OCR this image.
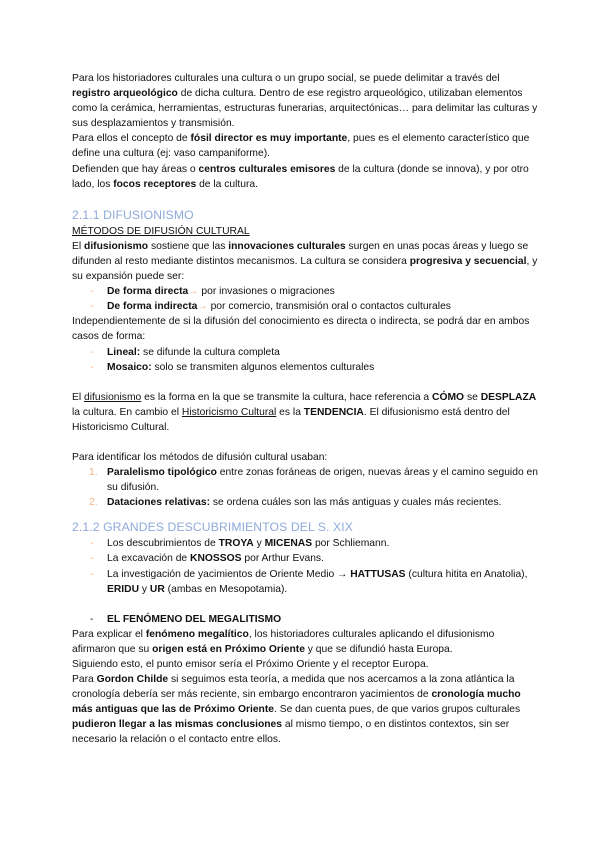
Para los historiadores culturales una cultura o un grupo social, se puede delimitar a través del registro arqueológico de dicha cultura. Dentro de ese registro arqueológico, utilizaban elementos como la cerámica, herramientas, estructuras funerarias, arquitectónicas… para delimitar las culturas y sus desplazamientos y transmisión.

Para ellos el concepto de fósil director es muy importante, pues es el elemento característico que define una cultura (ej: vaso campaniforme).

Defienden que hay áreas o centros culturales emisores de la cultura (donde se innova), y por otro lado, los focos receptores de la cultura.

2.1.1 DIFUSIONISMO

MÉTODOS DE DIFUSIÓN CULTURAL

El difusionismo sostiene que las innovaciones culturales surgen en unas pocas áreas y luego se difunden al resto mediante distintos mecanismos. La cultura se considera progresiva y secuencial, y su expansión puede ser:

- De forma directa→ por invasiones o migraciones
- De forma indirecta→ por comercio, transmisión oral o contactos culturales

Independientemente de si la difusión del conocimiento es directa o indirecta, se podrá dar en ambos casos de forma:

- Lineal: se difunde la cultura completa
- Mosaico: solo se transmiten algunos elementos culturales

El difusionismo es la forma en la que se transmite la cultura, hace referencia a CÓMO se DESPLAZA la cultura. En cambio el Historicismo Cultural es la TENDENCIA. El difusionismo está dentro del Historicismo Cultural.

Para identificar los métodos de difusión cultural usaban:

1. Paralelismo tipológico entre zonas foráneas de origen, nuevas áreas y el camino seguido en su difusión.
2. Dataciones relativas: se ordena cuáles son las más antiguas y cuales más recientes.
2.1.2 GRANDES DESCUBRIMIENTOS DEL S. XIX
- Los descubrimientos de TROYA y MICENAS por Schliemann.
- La excavación de KNOSSOS por Arthur Evans.
- La investigación de yacimientos de Oriente Medio → HATTUSAS (cultura hitita en Anatolia), ERIDU y UR (ambas en Mesopotamia).

- EL FENÓMENO DEL MEGALITISMO

Para explicar el fenómeno megalítico, los historiadores culturales aplicando el difusionismo afirmaron que su origen está en Próximo Oriente y que se difundió hasta Europa.

Siguiendo esto, el punto emisor sería el Próximo Oriente y el receptor Europa.

Para Gordon Childe si seguimos esta teoría, a medida que nos acercamos a la zona atlántica la cronología debería ser más reciente, sin embargo encontraron yacimientos de cronología mucho más antiguas que las de Próximo Oriente. Se dan cuenta pues, de que varios grupos culturales pudieron llegar a las mismas conclusiones al mismo tiempo, o en distintos contextos, sin ser necesario la relación o el contacto entre ellos.
